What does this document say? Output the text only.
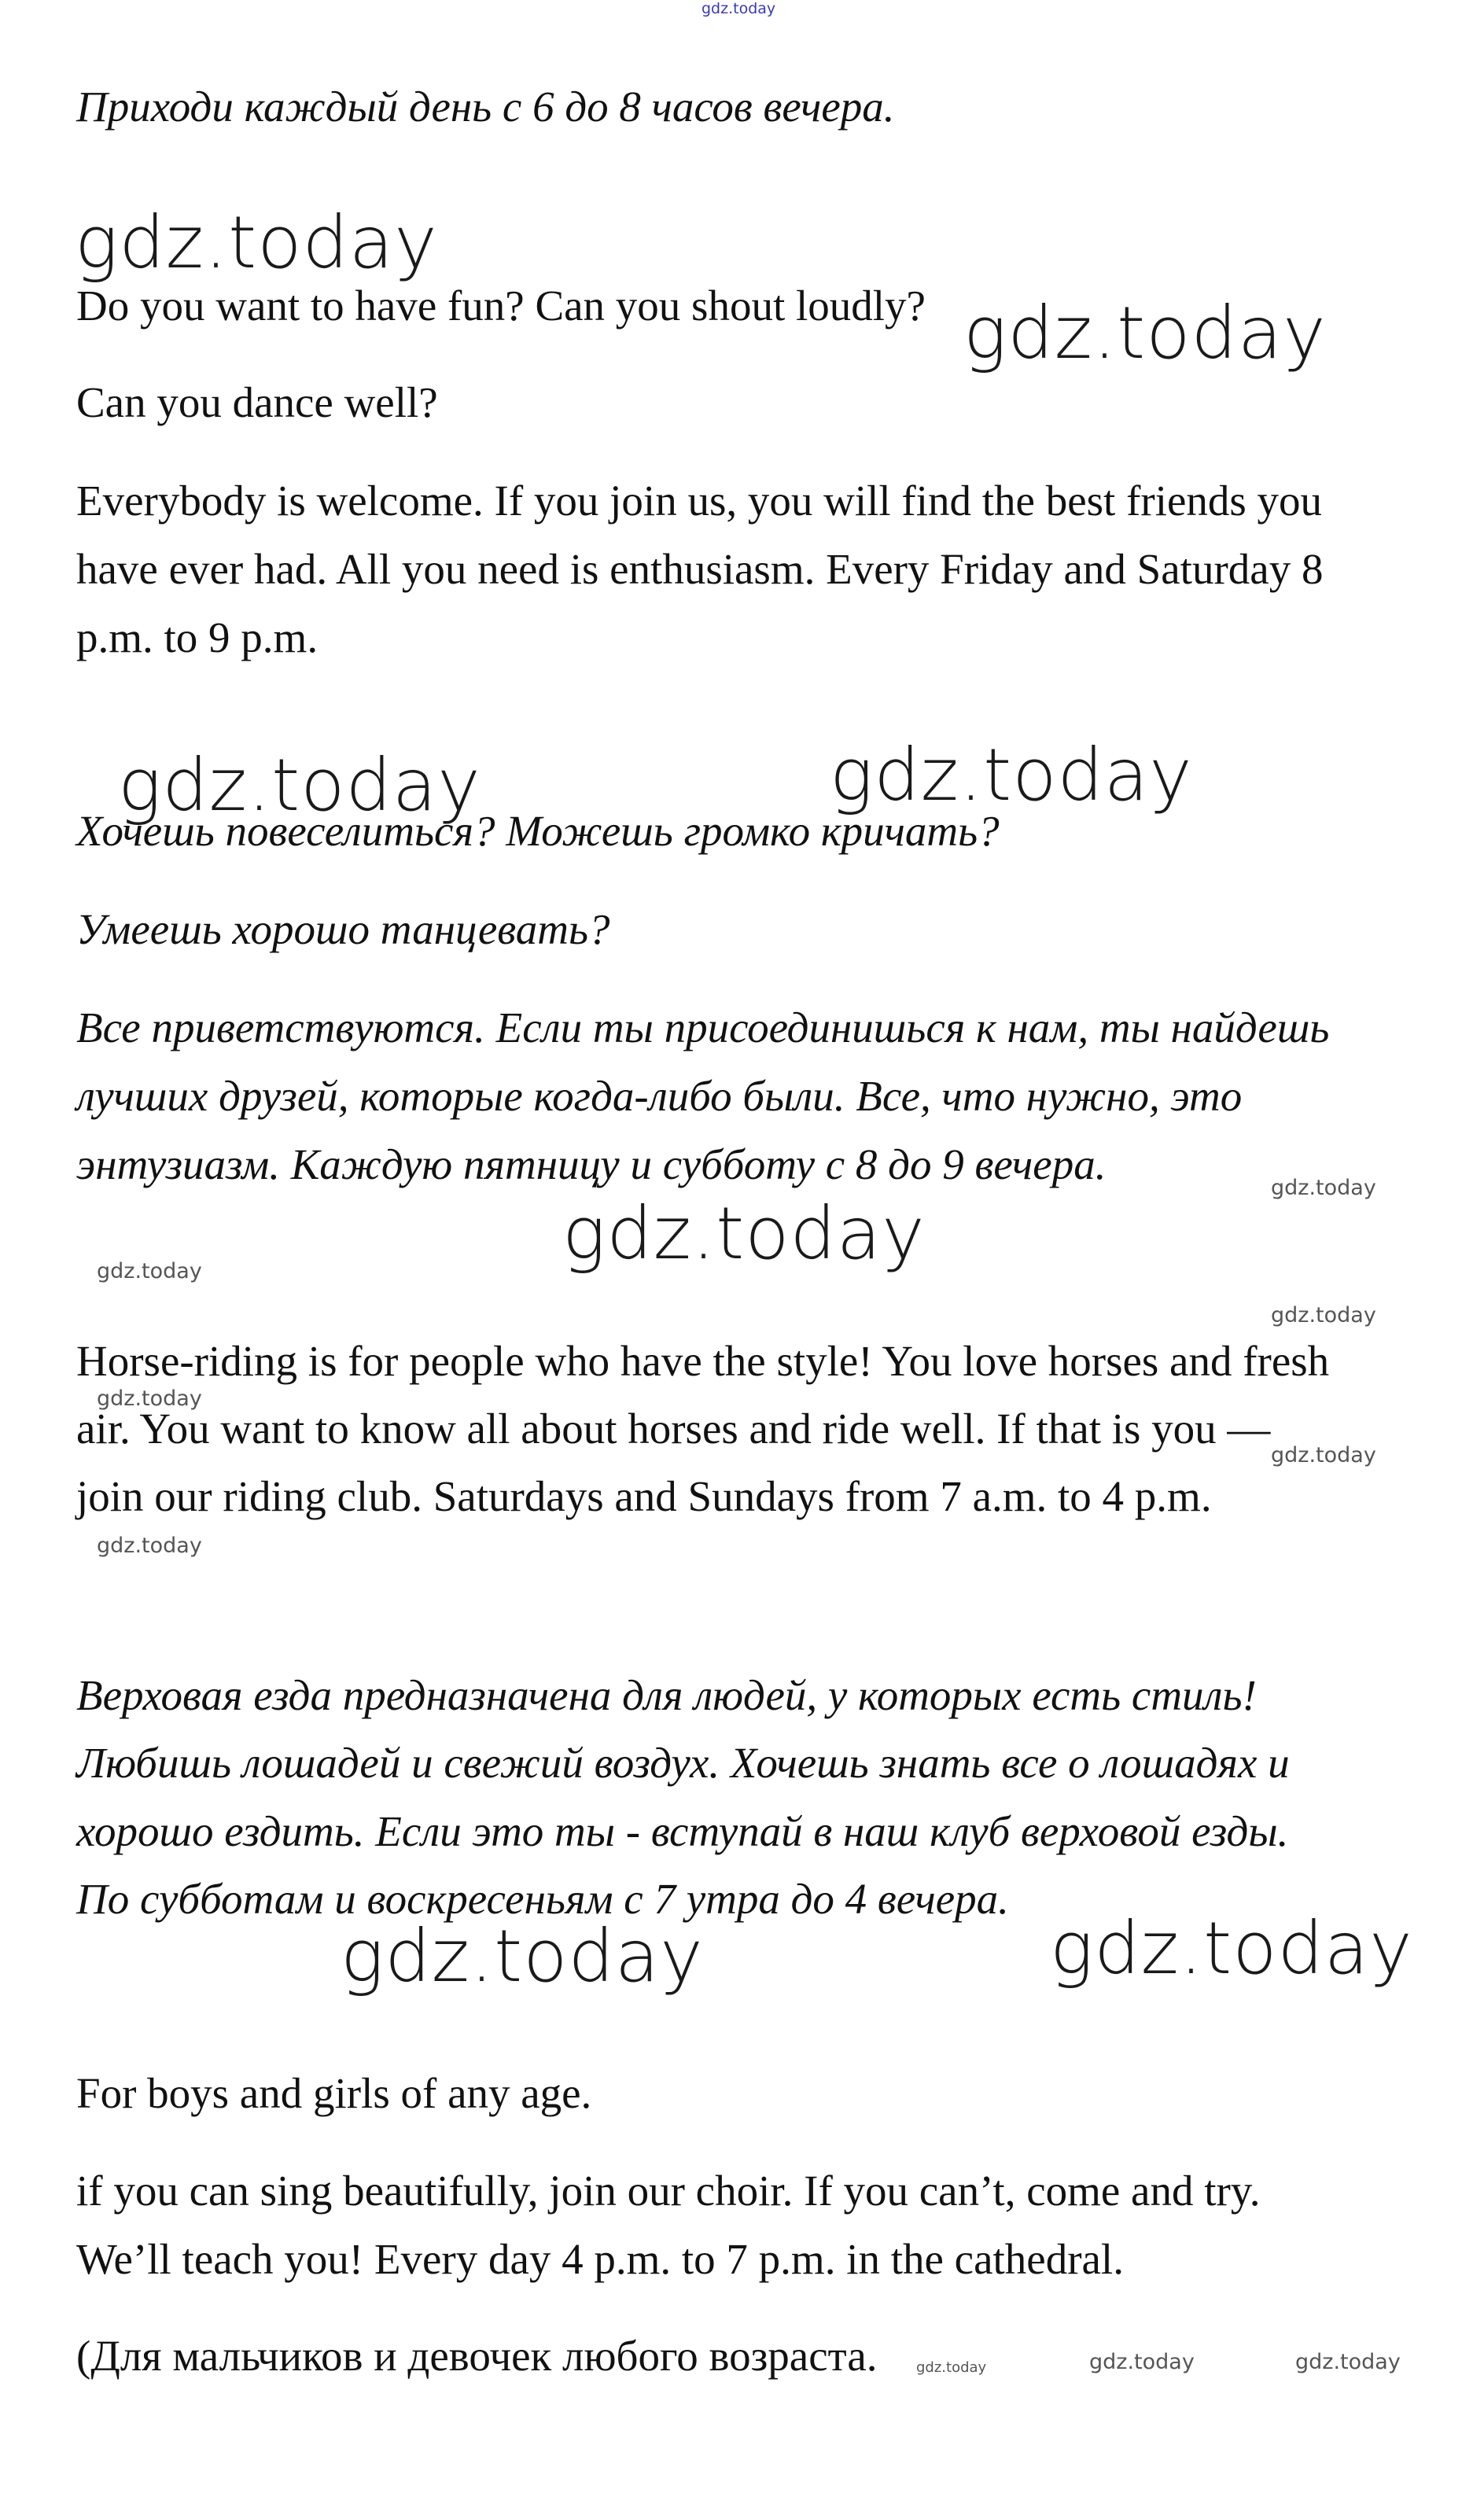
gdz.today

Приходи каждый день с 6 до 8 часов вечера.

gdz.today
gdz.today

Do you want to have fun? Can you shout loudly?

Can you dance well?

Everybody is welcome. If you join us, you will find the best friends you

have ever had. All you need is enthusiasm. Every Friday and Saturday 8

p.m. to 9 p.m.

gdz.today	gdz.today

Хочешь повеселиться? Можешь громко кричать?

Умеешь хорошо танцевать?

Все приветствуются. Если ты присоединишься к нам, ты найдешь

лучших друзей, которые когда-либо были. Все, что нужно, это

энтузиазм. Каждую пятницу и субботу с 8 до 9 вечера.	gdz.today
gdz.today
gdz.today
gdz.today

Horse-riding is for people who have the style! You love horses and fresh

air. You want to know all about horses and ride well. If that is you —

join our riding club. Saturdays and Sundays from 7 a.m. to 4 p.m.

gdz.today
gdz.today
gdz.today

Верховая езда предназначена для людей, у которых есть стиль!

Любишь лошадей и свежий воздух. Хочешь знать все о лошадях и

хорошо ездить. Если это ты - вступай в наш клуб верховой езды.

По субботам и воскресеньям с 7 утра до 4 вечера.

gdz.today	gdz.today

For boys and girls of any age.

if you can sing beautifully, join our choir. If you can’t, come and try.

We’ll teach you! Every day 4 p.m. to 7 p.m. in the cathedral.

(Для мальчиков и девочек любого возраста.	gdz.today	gdz.today	gdz.today
